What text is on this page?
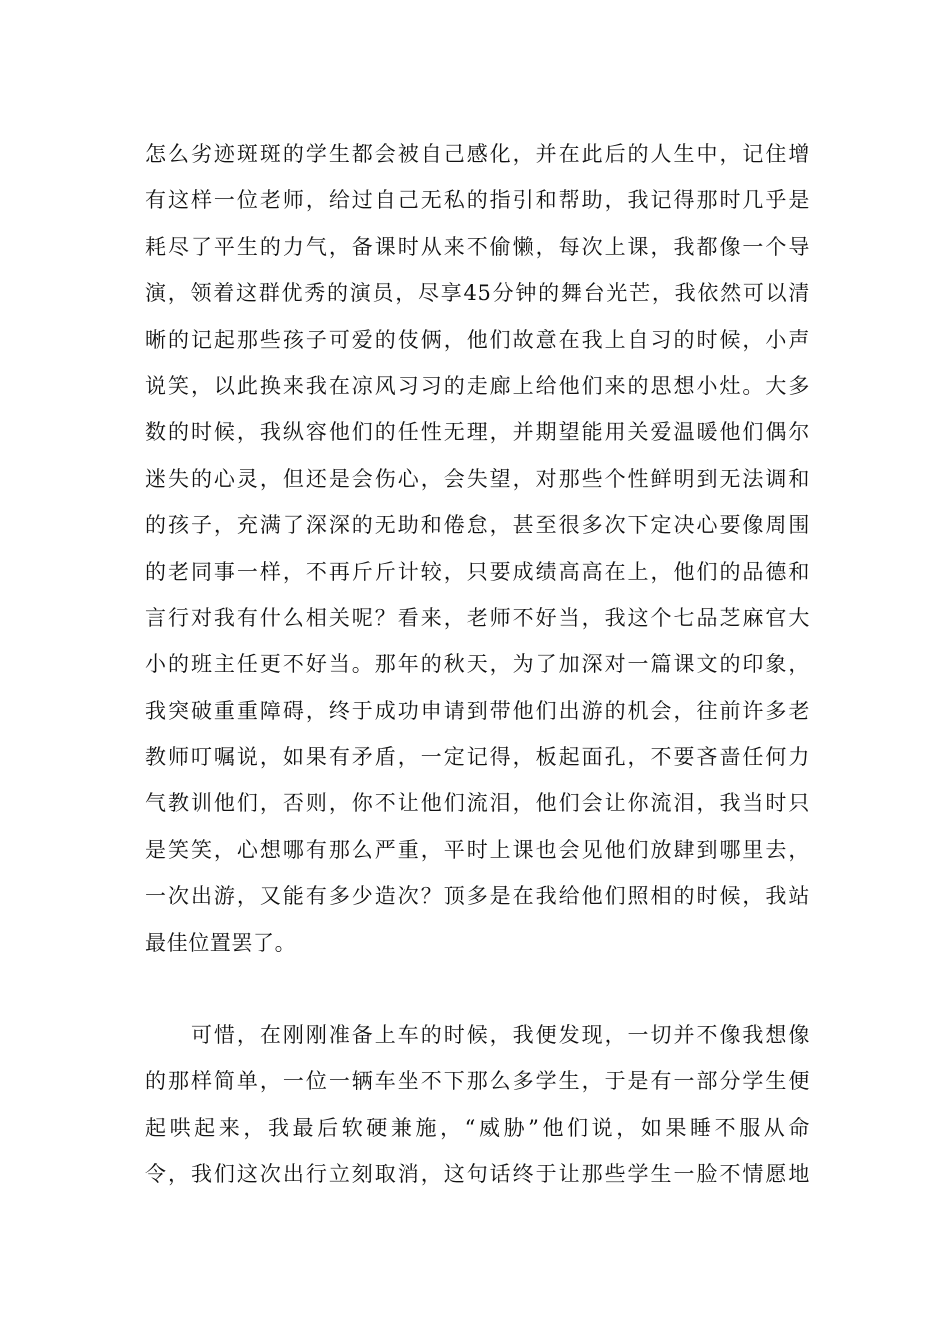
怎么劣迹斑斑的学生都会被自己感化，并在此后的人生中，记住增
有这样一位老师，给过自己无私的指引和帮助，我记得那时几乎是
耗尽了平生的力气，备课时从来不偷懒，每次上课，我都像一个导
演，领着这群优秀的演员，尽享45分钟的舞台光芒，我依然可以清
晰的记起那些孩子可爱的伎俩，他们故意在我上自习的时候，小声
说笑，以此换来我在凉风习习的走廊上给他们来的思想小灶。大多
数的时候，我纵容他们的任性无理，并期望能用关爱温暖他们偶尔
迷失的心灵，但还是会伤心，会失望，对那些个性鲜明到无法调和
的孩子，充满了深深的无助和倦怠，甚至很多次下定决心要像周围
的老同事一样，不再斤斤计较，只要成绩高高在上，他们的品德和
言行对我有什么相关呢？看来，老师不好当，我这个七品芝麻官大
小的班主任更不好当。那年的秋天，为了加深对一篇课文的印象，
我突破重重障碍，终于成功申请到带他们出游的机会，往前许多老
教师叮嘱说，如果有矛盾，一定记得，板起面孔，不要吝啬任何力
气教训他们，否则，你不让他们流泪，他们会让你流泪，我当时只
是笑笑，心想哪有那么严重，平时上课也会见他们放肆到哪里去，
一次出游，又能有多少造次？顶多是在我给他们照相的时候，我站
最佳位置罢了。
　　可惜，在刚刚准备上车的时候，我便发现，一切并不像我想像
的那样简单，一位一辆车坐不下那么多学生，于是有一部分学生便
起哄起来，我最后软硬兼施，“威胁”他们说，如果睡不服从命
令，我们这次出行立刻取消，这句话终于让那些学生一脸不情愿地
